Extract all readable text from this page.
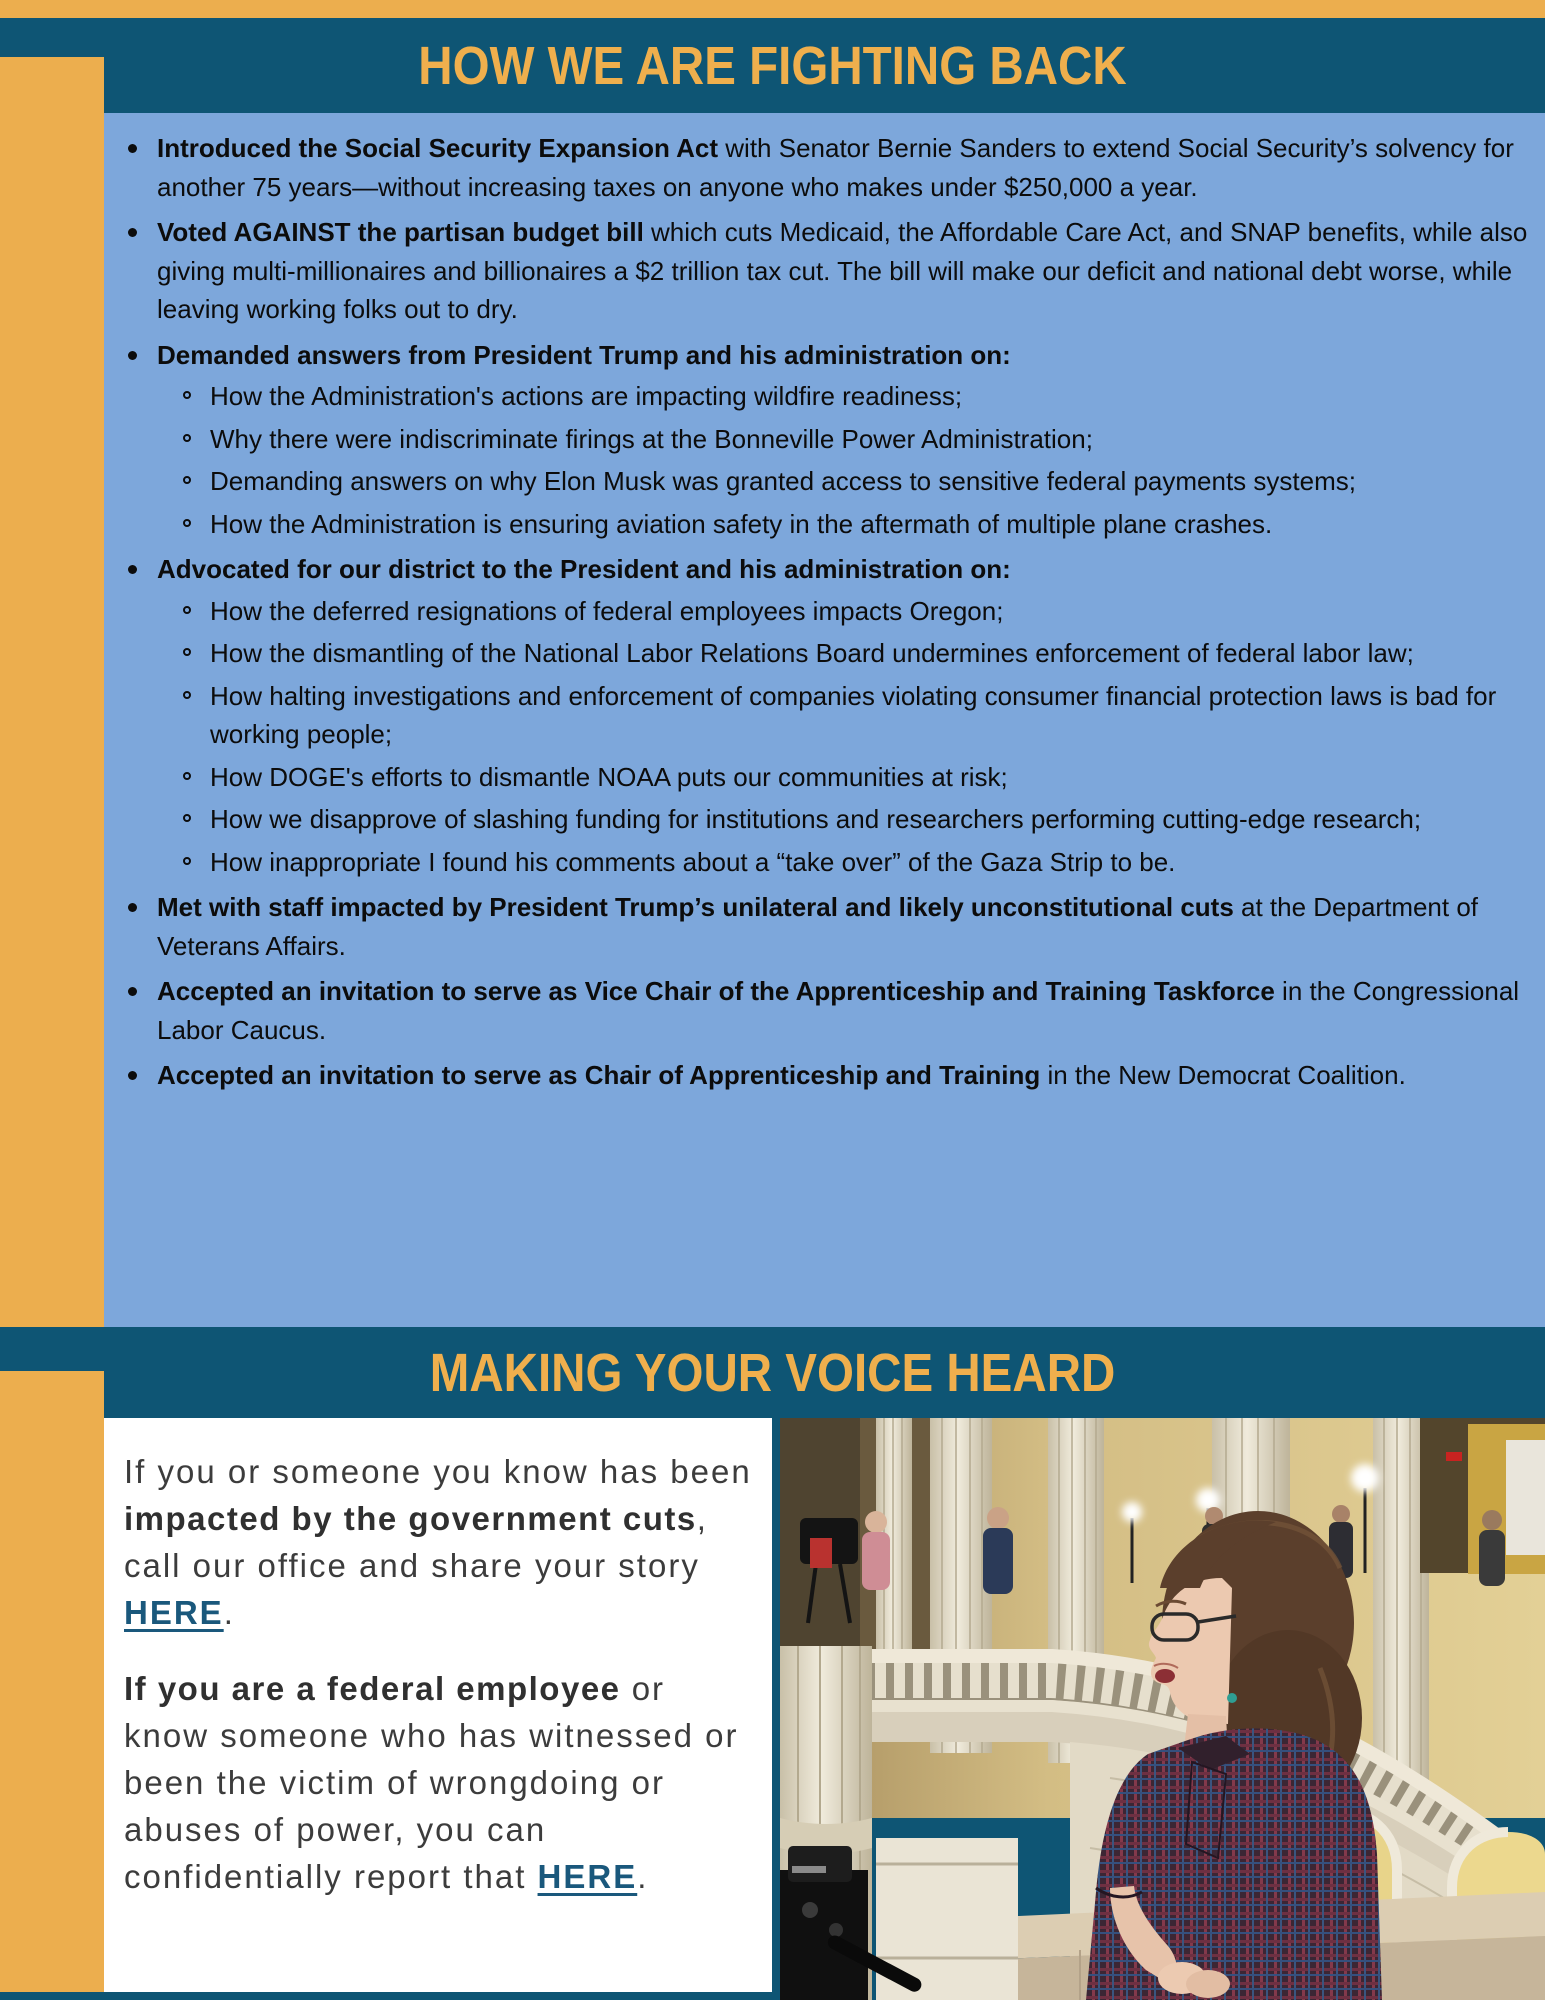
HOW WE ARE FIGHTING BACK
Introduced the Social Security Expansion Act with Senator Bernie Sanders to extend Social Security’s solvency for another 75 years—without increasing taxes on anyone who makes under $250,000 a year.
Voted AGAINST the partisan budget bill which cuts Medicaid, the Affordable Care Act, and SNAP benefits, while also giving multi-millionaires and billionaires a $2 trillion tax cut. The bill will make our deficit and national debt worse, while leaving working folks out to dry.
Demanded answers from President Trump and his administration on:
How the Administration's actions are impacting wildfire readiness;
Why there were indiscriminate firings at the Bonneville Power Administration;
Demanding answers on why Elon Musk was granted access to sensitive federal payments systems;
How the Administration is ensuring aviation safety in the aftermath of multiple plane crashes.
Advocated for our district to the President and his administration on:
How the deferred resignations of federal employees impacts Oregon;
How the dismantling of the National Labor Relations Board undermines enforcement of federal labor law;
How halting investigations and enforcement of companies violating consumer financial protection laws is bad for working people;
How DOGE's efforts to dismantle NOAA puts our communities at risk;
How we disapprove of slashing funding for institutions and researchers performing cutting-edge research;
How inappropriate I found his comments about a “take over” of the Gaza Strip to be.
Met with staff impacted by President Trump’s unilateral and likely unconstitutional cuts at the Department of Veterans Affairs.
Accepted an invitation to serve as Vice Chair of the Apprenticeship and Training Taskforce in the Congressional Labor Caucus.
Accepted an invitation to serve as Chair of Apprenticeship and Training in the New Democrat Coalition.
MAKING YOUR VOICE HEARD

If you or someone you know has been impacted by the government cuts, call our office and share your story HERE.

If you are a federal employee or know someone who has witnessed or been the victim of wrongdoing or abuses of power, you can confidentially report that HERE.
